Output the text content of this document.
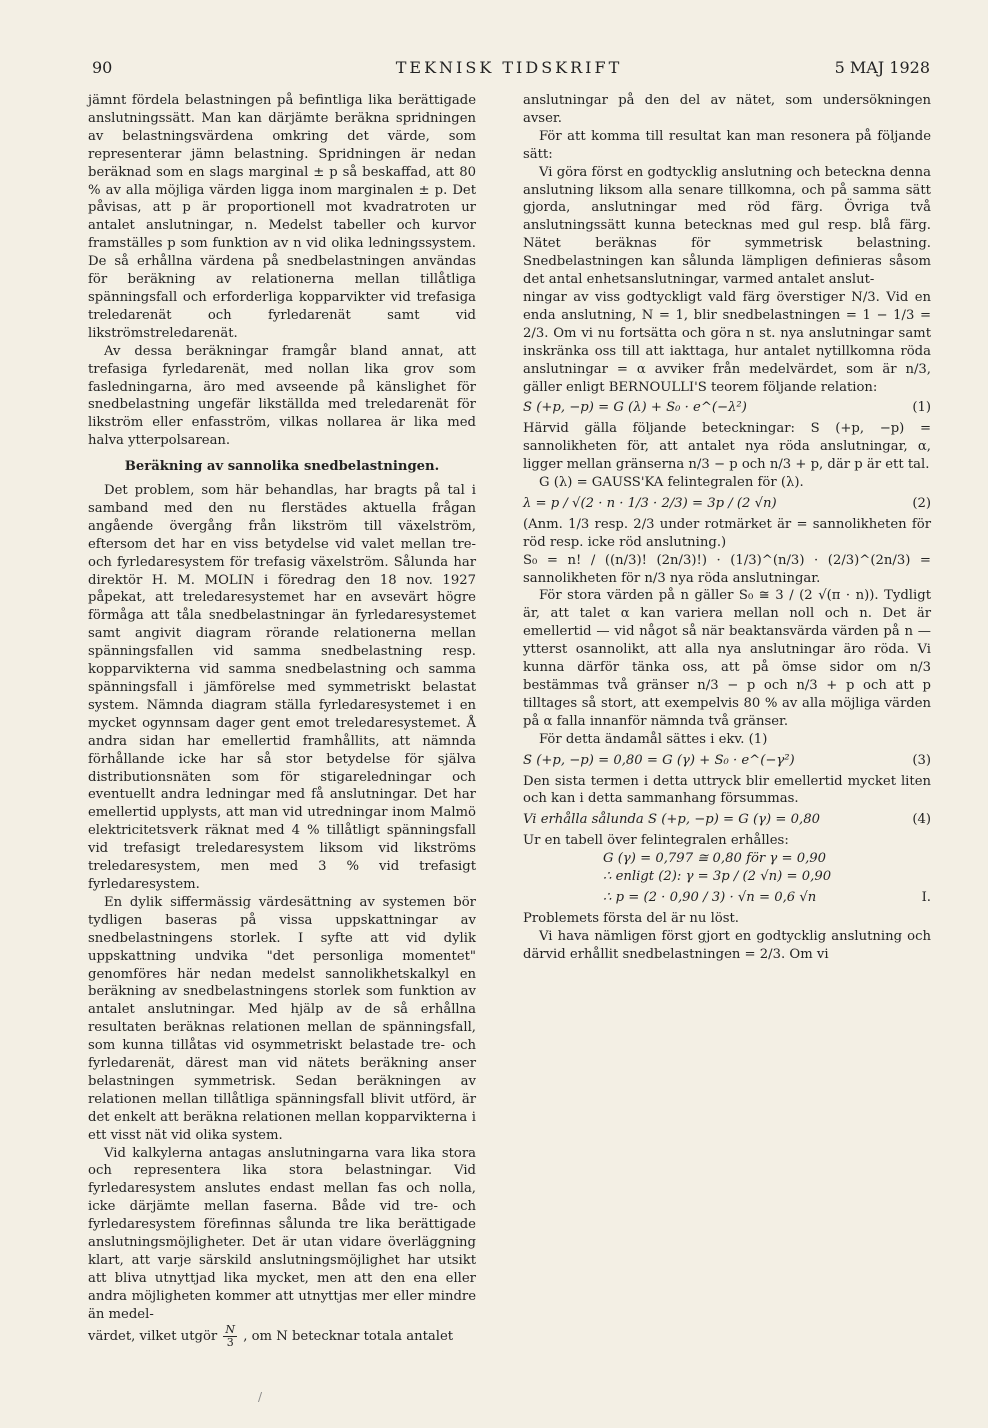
90	TEKNISK TIDSKRIFT	5 MAJ 1928

jämnt fördela belastningen på befintliga lika berättigade anslutningssätt. Man kan därjämte beräkna spridningen av belastningsvärdena omkring det värde, som representerar jämn belastning. Spridningen är nedan beräknad som en slags marginal ± p så beskaffad, att 80 % av alla möjliga värden ligga inom marginalen ± p. Det påvisas, att p är proportionell mot kvadratroten ur antalet anslutningar, n. Medelst tabeller och kurvor framställes p som funktion av n vid olika ledningssystem. De så erhållna värdena på snedbelastningen användas för beräkning av relationerna mellan tillåtliga spänningsfall och erforderliga kopparvikter vid trefasiga treledarenät och fyrledarenät samt vid likströmstreledarenät.

Av dessa beräkningar framgår bland annat, att trefasiga fyrledarenät, med nollan lika grov som fasledningarna, äro med avseende på känslighet för snedbelastning ungefär likställda med treledarenät för likström eller enfasström, vilkas nollarea är lika med halva ytterpolsarean.

Beräkning av sannolika snedbelastningen.

Det problem, som här behandlas, har bragts på tal i samband med den nu flerstädes aktuella frågan angående övergång från likström till växelström, eftersom det har en viss betydelse vid valet mellan tre- och fyrledaresystem för trefasig växelström. Sålunda har direktör H. M. MOLIN i föredrag den 18 nov. 1927 påpekat, att treledaresystemet har en avsevärt högre förmåga att tåla snedbelastningar än fyrledaresystemet samt angivit diagram rörande relationerna mellan spänningsfallen vid samma snedbelastning resp. kopparvikterna vid samma snedbelastning och samma spänningsfall i jämförelse med symmetriskt belastat system. Nämnda diagram ställa fyrledaresystemet i en mycket ogynnsam dager gent emot treledaresystemet. Å andra sidan har emellertid framhållits, att nämnda förhållande icke har så stor betydelse för själva distributionsnäten som för stigareledningar och eventuellt andra ledningar med få anslutningar. Det har emellertid upplysts, att man vid utredningar inom Malmö elektricitetsverk räknat med 4 % tillåtligt spänningsfall vid trefasigt treledaresystem liksom vid likströms treledaresystem, men med 3 % vid trefasigt fyrledaresystem.

En dylik siffermässig värdesättning av systemen bör tydligen baseras på vissa uppskattningar av snedbelastningens storlek. I syfte att vid dylik uppskattning undvika "det personliga momentet" genomföres här nedan medelst sannolikhetskalkyl en beräkning av snedbelastningens storlek som funktion av antalet anslutningar. Med hjälp av de så erhållna resultaten beräknas relationen mellan de spänningsfall, som kunna tillåtas vid osymmetriskt belastade tre- och fyrledarenät, därest man vid nätets beräkning anser belastningen symmetrisk. Sedan beräkningen av relationen mellan tillåtliga spänningsfall blivit utförd, är det enkelt att beräkna relationen mellan kopparvikterna i ett visst nät vid olika system.

Vid kalkylerna antagas anslutningarna vara lika stora och representera lika stora belastningar. Vid fyrledaresystem anslutes endast mellan fas och nolla, icke därjämte mellan faserna. Både vid tre- och fyrledaresystem förefinnas sålunda tre lika berättigade anslutningsmöjligheter. Det är utan vidare överläggning klart, att varje särskild anslutningsmöjlighet har utsikt att bliva utnyttjad lika mycket, men att den ena eller andra möjligheten kommer att utnyttjas mer eller mindre än medel-

värdet, vilket utgör $\frac{N}{3}$ , om N betecknar totala antalet

anslutningar på den del av nätet, som undersökningen avser.

För att komma till resultat kan man resonera på följande sätt:

Vi göra först en godtycklig anslutning och beteckna denna anslutning liksom alla senare tillkomna, och på samma sätt gjorda, anslutningar med röd färg. Övriga två anslutningssätt kunna betecknas med gul resp. blå färg. Nätet beräknas för symmetrisk belastning. Snedbelastningen kan sålunda lämpligen definieras såsom det antal enhetsanslutningar, varmed antalet anslut-

ningar av viss godtyckligt vald färg överstiger N/3. Vid en enda anslutning, N = 1, blir snedbelastningen = 1 − 1/3 = 2/3. Om vi nu fortsätta och göra n st. nya anslutningar samt inskränka oss till att iakttaga, hur antalet nytillkomna röda anslutningar = α avviker från medelvärdet, som är n/3, gäller enligt BERNOULLI'S teorem följande relation:

S (+p, −p) = G (λ) + S₀ · e^(−λ²)	(1)

Härvid gälla följande beteckningar: S (+p, −p) = sannolikheten för, att antalet nya röda anslutningar, α, ligger mellan gränserna n/3 − p och n/3 + p, där p är ett tal.

G (λ) = GAUSS'KA felintegralen för (λ).

λ = p / √(2 · n · 1/3 · 2/3) = 3p / (2 √n)	(2)

(Anm. 1/3 resp. 2/3 under rotmärket är = sannolikheten för röd resp. icke röd anslutning.)

S₀ = n! / ((n/3)! (2n/3)!) · (1/3)^(n/3) · (2/3)^(2n/3) = sannolikheten för n/3 nya röda anslutningar.

För stora värden på n gäller S₀ ≅ 3 / (2 √(π · n)). Tydligt är, att talet α kan variera mellan noll och n. Det är emellertid — vid något så när beaktansvärda värden på n — ytterst osannolikt, att alla nya anslutningar äro röda. Vi kunna därför tänka oss, att på ömse sidor om n/3 bestämmas två gränser n/3 − p och n/3 + p och att p tilltages så stort, att exempelvis 80 % av alla möjliga värden på α falla innanför nämnda två gränser.

För detta ändamål sättes i ekv. (1)

S (+p, −p) = 0,80 = G (γ) + S₀ · e^(−γ²)	(3)

Den sista termen i detta uttryck blir emellertid mycket liten och kan i detta sammanhang försummas.

Vi erhålla sålunda S (+p, −p) = G (γ) = 0,80	(4)

Ur en tabell över felintegralen erhålles:

G (γ) = 0,797 ≅ 0,80 för γ = 0,90

∴ enligt (2): γ = 3p / (2 √n) = 0,90

∴ p = (2 · 0,90 / 3) · √n = 0,6 √n	I.

Problemets första del är nu löst.

Vi hava nämligen först gjort en godtycklig anslutning och därvid erhållit snedbelastningen = 2/3. Om vi

/
